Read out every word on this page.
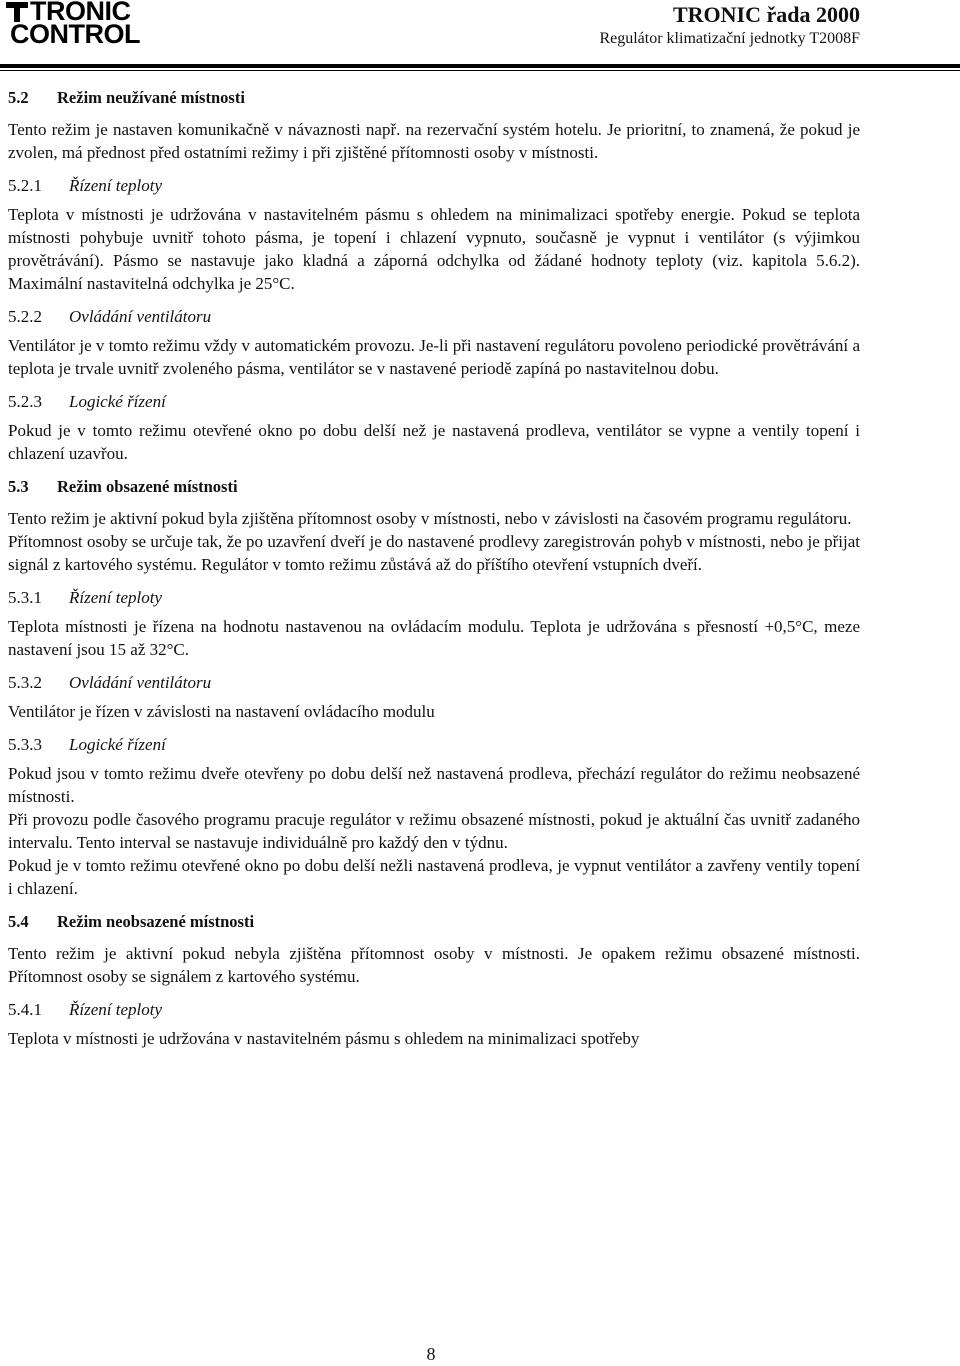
TRONIC
CONTROL
TRONIC řada 2000
Regulátor klimatizační jednotky T2008F
5.2 Režim neužívané místnosti

Tento režim je nastaven komunikačně v návaznosti např. na rezervační systém hotelu. Je prioritní, to znamená, že pokud je zvolen, má přednost před ostatními režimy i při zjištěné přítomnosti osoby v místnosti.

5.2.1 Řízení teploty

Teplota v místnosti je udržována v nastavitelném pásmu s ohledem na minimalizaci spotřeby energie. Pokud se teplota místnosti pohybuje uvnitř tohoto pásma, je topení i chlazení vypnuto, současně je vypnut i ventilátor (s výjimkou provětrávání). Pásmo se nastavuje jako kladná a záporná odchylka od žádané hodnoty teploty (viz. kapitola 5.6.2). Maximální nastavitelná odchylka je 25°C.

5.2.2 Ovládání ventilátoru

Ventilátor je v tomto režimu vždy v automatickém provozu. Je-li při nastavení regulátoru povoleno periodické provětrávání a teplota je trvale uvnitř zvoleného pásma, ventilátor se v nastavené periodě zapíná po nastavitelnou dobu.

5.2.3 Logické řízení

Pokud je v tomto režimu otevřené okno po dobu delší než je nastavená prodleva, ventilátor se vypne a ventily topení i chlazení uzavřou.

5.3 Režim obsazené místnosti

Tento režim je aktivní pokud byla zjištěna přítomnost osoby v místnosti, nebo v závislosti na časovém programu regulátoru.

Přítomnost osoby se určuje tak, že po uzavření dveří je do nastavené prodlevy zaregistrován pohyb v místnosti, nebo je přijat signál z kartového systému. Regulátor v tomto režimu zůstává až do příštího otevření vstupních dveří.

5.3.1 Řízení teploty

Teplota místnosti je řízena na hodnotu nastavenou na ovládacím modulu. Teplota je udržována s přesností +0,5°C, meze nastavení jsou 15 až 32°C.

5.3.2 Ovládání ventilátoru

Ventilátor je řízen v závislosti na nastavení ovládacího modulu

5.3.3 Logické řízení

Pokud jsou v tomto režimu dveře otevřeny po dobu delší než nastavená prodleva, přechází regulátor do režimu neobsazené místnosti.

Při provozu podle časového programu pracuje regulátor v režimu obsazené místnosti, pokud je aktuální čas uvnitř zadaného intervalu. Tento interval se nastavuje individuálně pro každý den v týdnu.

Pokud je v tomto režimu otevřené okno po dobu delší nežli nastavená prodleva, je vypnut ventilátor a zavřeny ventily topení i chlazení.

5.4 Režim neobsazené místnosti

Tento režim je aktivní pokud nebyla zjištěna přítomnost osoby v místnosti. Je opakem režimu obsazené místnosti. Přítomnost osoby se signálem z kartového systému.

5.4.1 Řízení teploty

Teplota v místnosti je udržována v nastavitelném pásmu s ohledem na minimalizaci spotřeby

8
